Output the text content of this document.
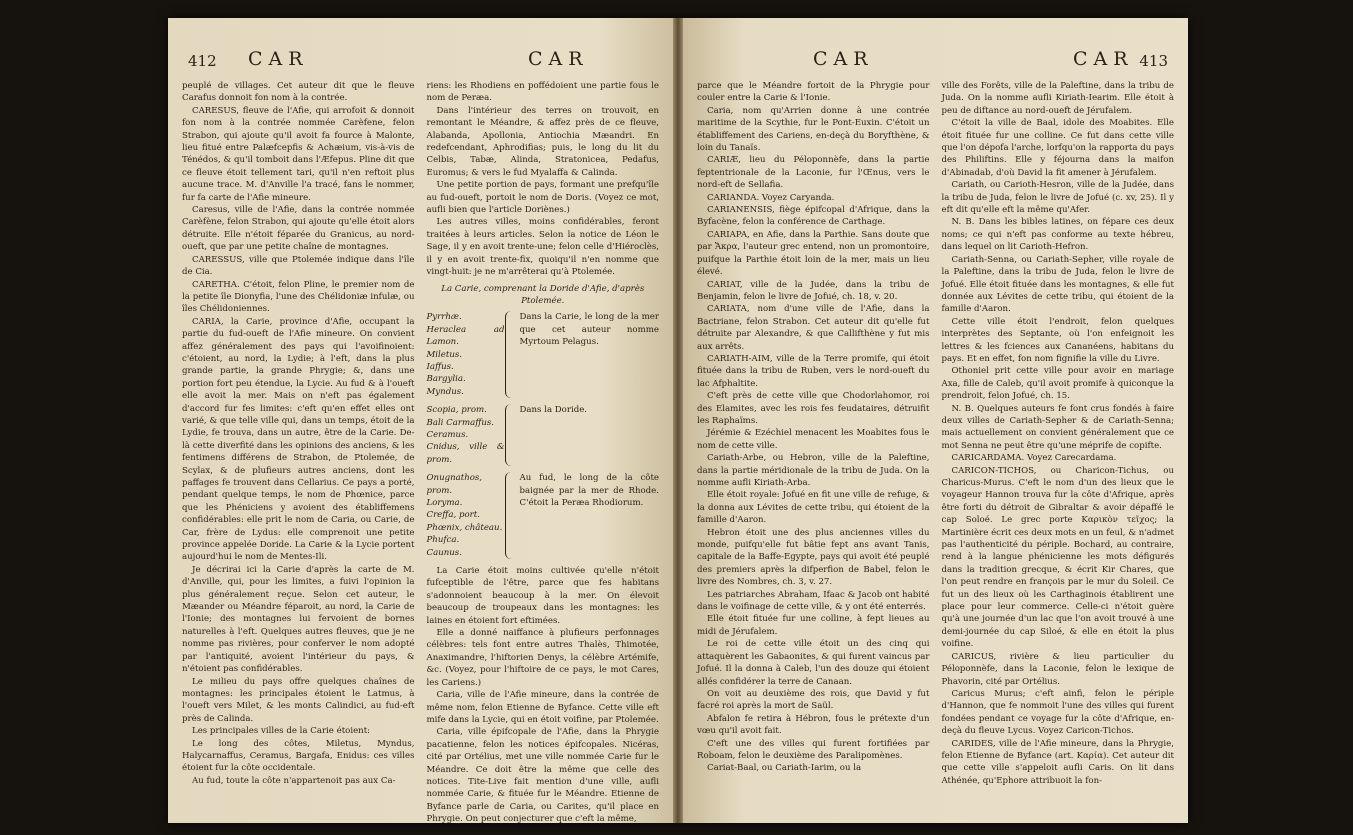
412 CAR	CAR

peuplé de villages. Cet auteur dit que le fleuve Carafus donnoit fon nom à la contrée.

CARESUS, fleuve de l'Afie, qui arrofoit & donnoit fon nom à la contrée nommée Carèfene, felon Strabon, qui ajoute qu'il avoit fa fource à Malonte, lieu fitué entre Palæfcepfis & Achæium, vis-à-vis de Ténédos, & qu'il tomboit dans l'Æfepus. Pline dit que ce fleuve étoit tellement tari, qu'il n'en reftoit plus aucune trace. M. d'Anville l'a tracé, fans le nommer, fur fa carte de l'Afie mineure.

Caresus, ville de l'Afie, dans la contrée nommée Carèfène, felon Strabon, qui ajoute qu'elle étoit alors détruite. Elle n'étoit féparée du Granicus, au nord-oueft, que par une petite chaîne de montagnes.

CARESSUS, ville que Ptolemée indique dans l'île de Cia.

CARETHA. C'étoit, felon Pline, le premier nom de la petite île Dionyfia, l'une des Chélidoniæ infulæ, ou îles Chélidoniennes.

CARIA, la Carie, province d'Afie, occupant la partie du fud-oueft de l'Afie mineure. On convient affez généralement des pays qui l'avoifinoient: c'étoient, au nord, la Lydie; à l'eft, dans la plus grande partie, la grande Phrygie; &, dans une portion fort peu étendue, la Lycie. Au fud & à l'oueft elle avoit la mer. Mais on n'eft pas également d'accord fur fes limites: c'eft qu'en effet elles ont varié, & que telle ville qui, dans un temps, étoit de la Lydie, fe trouva, dans un autre, être de la Carie. De-là cette diverfité dans les opinions des anciens, & les fentimens différens de Strabon, de Ptolemée, de Scylax, & de plufieurs autres anciens, dont les paffages fe trouvent dans Cellarius. Ce pays a porté, pendant quelque temps, le nom de Phœnice, parce que les Phéniciens y avoient des établiffemens confidérables: elle prit le nom de Caria, ou Carie, de Car, frère de Lydus: elle comprenoit une petite province appelée Doride. La Carie & la Lycie portent aujourd'hui le nom de Mentes-Ili.

Je décrirai ici la Carie d'après la carte de M. d'Anville, qui, pour les limites, a fuivi l'opinion la plus généralement reçue. Selon cet auteur, le Mæander ou Méandre féparoit, au nord, la Carie de l'Ionie; des montagnes lui fervoient de bornes naturelles à l'eft. Quelques autres fleuves, que je ne nomme pas rivières, pour conferver le nom adopté par l'antiquité, avoient l'intérieur du pays, & n'étoient pas confidérables.

Le milieu du pays offre quelques chaînes de montagnes: les principales étoient le Latmus, à l'oueft vers Milet, & les monts Calindici, au fud-eft près de Calinda.

Les principales villes de la Carie étoient:

Le long des côtes, Miletus, Myndus, Halycarnaffus, Ceramus, Bargafa, Enidus: ces villes étoient fur la côte occidentale.

Au fud, toute la côte n'appartenoit pas aux Ca-

riens: les Rhodiens en poffédoient une partie fous le nom de Peræa.

Dans l'intérieur des terres on trouvoit, en remontant le Méandre, & affez près de ce fleuve, Alabanda, Apollonia, Antiochia Mæandri. En redefcendant, Aphrodifias; puis, le long du lit du Celbis, Tabæ, Alinda, Stratonicea, Pedafus, Euromus; & vers le fud Myalaffa & Calinda.

Une petite portion de pays, formant une prefqu'île au fud-oueft, portoit le nom de Doris. (Voyez ce mot, aufli bien que l'article Doriènes.)

Les autres villes, moins confidérables, feront traitées à leurs articles. Selon la notice de Léon le Sage, il y en avoit trente-une; felon celle d'Hiéroclès, il y en avoit trente-fix, quoiqu'il n'en nomme que vingt-huit: je ne m'arrêterai qu'à Ptolemée.

La Carie, comprenant la Doride d'Afie, d'après Ptolemée.
Pyrrhæ.
Heraclea ad Lamon.
Miletus.
Iaffus.
Bargylia.
Myndus.
Dans la Carie, le long de la mer que cet auteur nomme Myrtoum Pelagus.
Scopia, prom.
Bali Carmaffus.
Ceramus.
Cnidus, ville & prom.
Dans la Doride.
Onugnathos, prom.
Loryma.
Creffa, port.
Phœnix, château.
Phufca.
Caunus.
Au fud, le long de la côte baignée par la mer de Rhode. C'étoit la Peræa Rhodiorum.

La Carie étoit moins cultivée qu'elle n'étoit fufceptible de l'être, parce que fes habitans s'adonnoient beaucoup à la mer. On élevoit beaucoup de troupeaux dans les montagnes: les laines en étoient fort eftimées.

Elle a donné naiffance à plufieurs perfonnages célèbres: tels font entre autres Thalès, Thimotée, Anaximandre, l'hiftorien Denys, la célèbre Artémife, &c. (Voyez, pour l'hiftoire de ce pays, le mot Cares, les Cariens.)

Caria, ville de l'Afie mineure, dans la contrée de même nom, felon Etienne de Byfance. Cette ville eft mife dans la Lycie, qui en étoit voifine, par Ptolemée.

Caria, ville épifcopale de l'Afie, dans la Phrygie pacatienne, felon les notices épifcopales. Nicéras, cité par Ortélius, met une ville nommée Carie fur le Méandre. Ce doit être la même que celle des notices. Tite-Live fait mention d'une ville, aufli nommée Carie, & fituée fur le Méandre. Etienne de Byfance parle de Caria, ou Carites, qu'il place en Phrygie. On peut conjecturer que c'eft la même,

CAR	CAR 413

parce que le Méandre fortoit de la Phrygie pour couler entre la Carie & l'Ionie.

Caria, nom qu'Arrien donne à une contrée maritime de la Scythie, fur le Pont-Euxin. C'étoit un établiffement des Cariens, en-deçà du Boryfthène, & loin du Tanaïs.

CARIÆ, lieu du Péloponnèfe, dans la partie feptentrionale de la Laconie, fur l'Œnus, vers le nord-eft de Sellafia.

CARIANDA. Voyez Caryanda.

CARIANENSIS, fiège épifcopal d'Afrique, dans la Byfacène, felon la conférence de Carthage.

CARIAPA, en Afie, dans la Parthie. Sans doute que par Ἄκρα, l'auteur grec entend, non un promontoire, puifque la Parthie étoit loin de la mer, mais un lieu élevé.

CARIAT, ville de la Judée, dans la tribu de Benjamin, felon le livre de Jofué, ch. 18, v. 20.

CARIATA, nom d'une ville de l'Afie, dans la Bactriane, felon Strabon. Cet auteur dit qu'elle fut détruite par Alexandre, & que Callifthène y fut mis aux arrêts.

CARIATH-AIM, ville de la Terre promife, qui étoit fituée dans la tribu de Ruben, vers le nord-oueft du lac Afphaltite.

C'eft près de cette ville que Chodorlahomor, roi des Elamites, avec les rois fes feudataires, détruifit les Raphaïms.

Jérémie & Ezéchiel menacent les Moabites fous le nom de cette ville.

Cariath-Arbe, ou Hebron, ville de la Paleftine, dans la partie méridionale de la tribu de Juda. On la nomme aufli Kiriath-Arba.

Elle étoit royale: Jofué en fit une ville de refuge, & la donna aux Lévites de cette tribu, qui étoient de la famille d'Aaron.

Hebron étoit une des plus anciennes villes du monde, puifqu'elle fut bâtie fept ans avant Tanis, capitale de la Baffe-Egypte, pays qui avoit été peuplé des premiers après la difperfion de Babel, felon le livre des Nombres, ch. 3, v. 27.

Les patriarches Abraham, Ifaac & Jacob ont habité dans le voifinage de cette ville, & y ont été enterrés.

Elle étoit fituée fur une colline, à fept lieues au midi de Jérufalem.

Le roi de cette ville étoit un des cinq qui attaquèrent les Gabaonites, & qui furent vaincus par Jofué. Il la donna à Caleb, l'un des douze qui étoient allés confidérer la terre de Canaan.

On voit au deuxième des rois, que David y fut facré roi après la mort de Saül.

Abfalon fe retira à Hébron, fous le prétexte d'un vœu qu'il avoit fait.

C'eft une des villes qui furent fortifiées par Roboam, felon le deuxième des Paralipomènes.

Cariat-Baal, ou Cariath-Iarim, ou la

ville des Forêts, ville de la Paleftine, dans la tribu de Juda. On la nomme aufli Kiriath-Iearim. Elle étoit à peu de diftance au nord-oueft de Jérufalem.

C'étoit la ville de Baal, idole des Moabites. Elle étoit fituée fur une colline. Ce fut dans cette ville que l'on dépofa l'arche, lorfqu'on la rapporta du pays des Philiftins. Elle y féjourna dans la maifon d'Abinadab, d'où David la fit amener à Jérufalem.

Cariath, ou Carioth-Hesron, ville de la Judée, dans la tribu de Juda, felon le livre de Jofué (c. xv, 25). Il y eft dit qu'elle eft la même qu'Afer.

N. B. Dans les bibles latines, on fépare ces deux noms; ce qui n'eft pas conforme au texte hébreu, dans lequel on lit Carioth-Hefron.

Cariath-Senna, ou Cariath-Sepher, ville royale de la Paleftine, dans la tribu de Juda, felon le livre de Jofué. Elle étoit fituée dans les montagnes, & elle fut donnée aux Lévites de cette tribu, qui étoient de la famille d'Aaron.

Cette ville étoit l'endroit, felon quelques interprètes des Septante, où l'on enfeignoit les lettres & les fciences aux Cananéens, habitans du pays. Et en effet, fon nom fignifie la ville du Livre.

Othoniel prit cette ville pour avoir en mariage Axa, fille de Caleb, qu'il avoit promife à quiconque la prendroit, felon Jofué, ch. 15.

N. B. Quelques auteurs fe font crus fondés à faire deux villes de Cariath-Sepher & de Cariath-Senna; mais actuellement on convient généralement que ce mot Senna ne peut être qu'une méprife de copifte.

CARICARDAMA. Voyez Carecardama.

CARICON-TICHOS, ou Charicon-Tichus, ou Charicus-Murus. C'eft le nom d'un des lieux que le voyageur Hannon trouva fur la côte d'Afrique, après être forti du détroit de Gibraltar & avoir dépaffé le cap Soloé. Le grec porte Καρικὸν τεῖχος; la Martinière écrit ces deux mots en un feul, & n'admet pas l'authenticité du périple. Bochard, au contraire, rend à la langue phénicienne les mots défigurés dans la tradition grecque, & écrit Kir Chares, que l'on peut rendre en françois par le mur du Soleil. Ce fut un des lieux où les Carthaginois établirent une place pour leur commerce. Celle-ci n'étoit guère qu'à une journée d'un lac que l'on avoit trouvé à une demi-journée du cap Siloé, & elle en étoit la plus voifine.

CARICUS, rivière & lieu particulier du Péloponnèfe, dans la Laconie, felon le lexique de Phavorin, cité par Ortélius.

Caricus Murus; c'eft ainfi, felon le périple d'Hannon, que fe nommoit l'une des villes qui furent fondées pendant ce voyage fur la côte d'Afrique, en-deçà du fleuve Lycus. Voyez Caricon-Tichos.

CARIDES, ville de l'Afie mineure, dans la Phrygie, felon Etienne de Byfance (art. Καρία). Cet auteur dit que cette ville s'appeloit aufli Caris. On lit dans Athénée, qu'Ephore attribuoit la fon-
